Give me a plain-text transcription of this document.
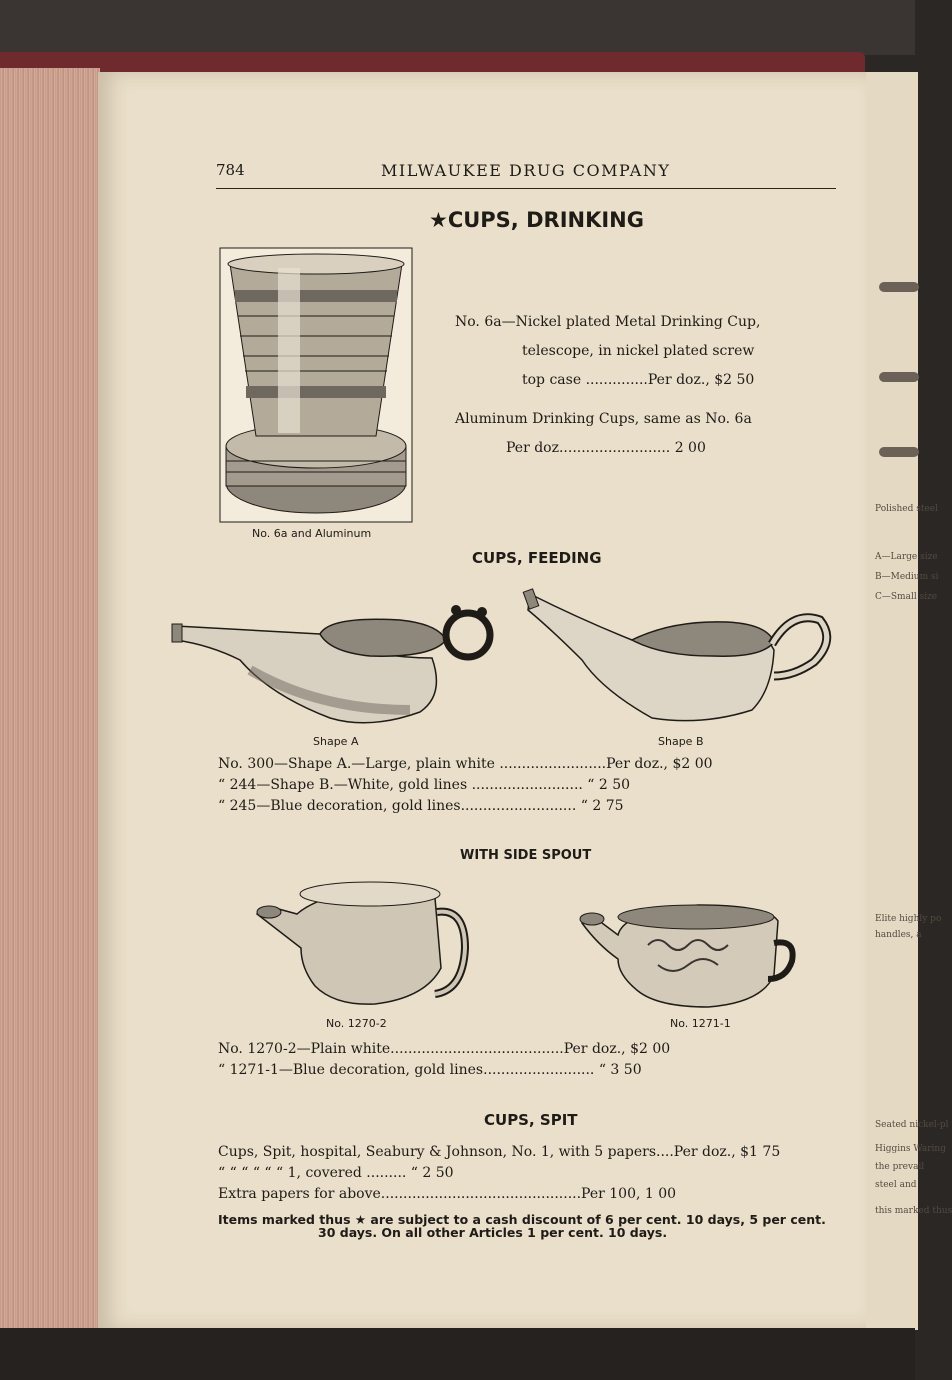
Polished steel
A—Large size
B—Medium si
C—Small size
Elite highly po
handles, a
Seated nickel-pl
Higgins Waring
the prevail
steel and
this marked thus
784	MILWAUKEE DRUG COMPANY
★CUPS, DRINKING
No. 6a and Aluminum
No. 6a—Nickel plated Metal Drinking Cup,
telescope, in nickel plated screw
top case ..............Per doz., $2 50
Aluminum Drinking Cups, same as No. 6a
Per doz......................... 2 00
CUPS, FEEDING
Shape A	Shape B
No. 300—Shape A.—Large, plain white ........................Per doz., $2 00
“ 244—Shape B.—White, gold lines ......................... “ 2 50
“ 245—Blue decoration, gold lines.......................... “ 2 75
WITH SIDE SPOUT
No. 1270-2	No. 1271-1
No. 1270-2—Plain white.......................................Per doz., $2 00
“ 1271-1—Blue decoration, gold lines......................... “ 3 50
CUPS, SPIT
Cups, Spit, hospital, Seabury & Johnson, No. 1, with 5 papers....Per doz., $1 75
“ “ “ “ “ “ 1, covered ......... “ 2 50
Extra papers for above.............................................Per 100, 1 00
Items marked thus ★ are subject to a cash discount of 6 per cent. 10 days, 5 per cent.
30 days. On all other Articles 1 per cent. 10 days.
